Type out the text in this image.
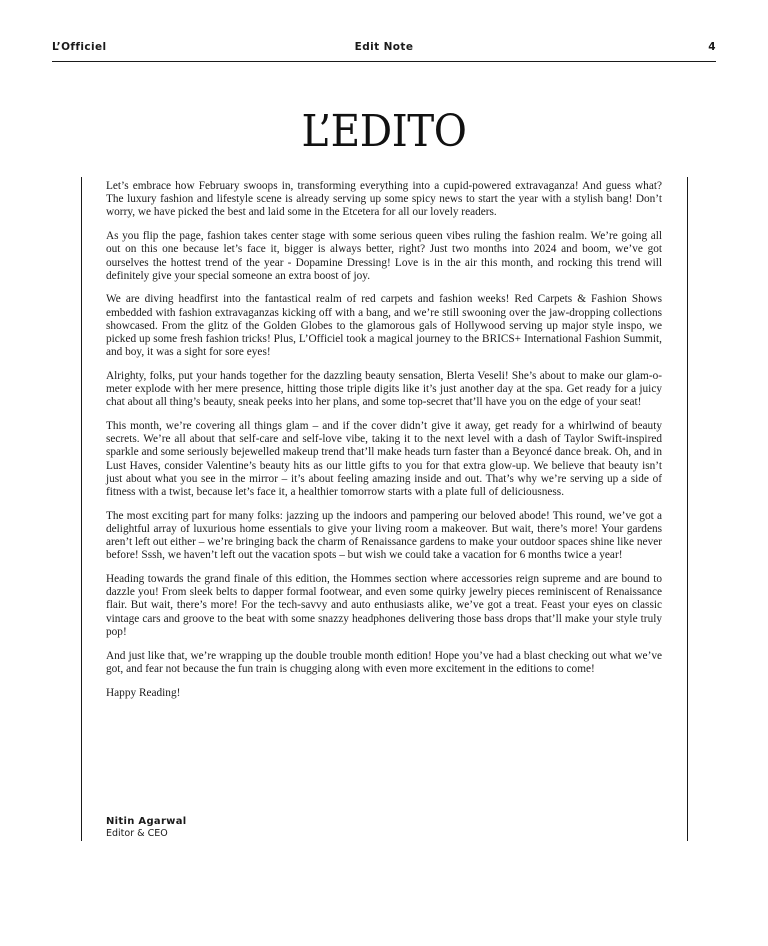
L’Officiel	Edit Note	4
L’EDITO

Let’s embrace how February swoops in, transforming everything into a cupid-powered extravaganza! And guess what? The luxury fashion and lifestyle scene is already serving up some spicy news to start the year with a stylish bang! Don’t worry, we have picked the best and laid some in the Etcetera for all our lovely readers.

As you flip the page, fashion takes center stage with some serious queen vibes ruling the fashion realm. We’re going all out on this one because let’s face it, bigger is always better, right? Just two months into 2024 and boom, we’ve got ourselves the hottest trend of the year - Dopamine Dressing! Love is in the air this month, and rocking this trend will definitely give your special someone an extra boost of joy.

We are diving headfirst into the fantastical realm of red carpets and fashion weeks! Red Carpets & Fashion Shows embedded with fashion extravaganzas kicking off with a bang, and we’re still swooning over the jaw-dropping collections showcased. From the glitz of the Golden Globes to the glamorous gals of Hollywood serving up major style inspo, we picked up some fresh fashion tricks! Plus, L’Officiel took a magical journey to the BRICS+ International Fashion Summit, and boy, it was a sight for sore eyes!

Alrighty, folks, put your hands together for the dazzling beauty sensation, Blerta Veseli! She’s about to make our glam-o-meter explode with her mere presence, hitting those triple digits like it’s just another day at the spa. Get ready for a juicy chat about all thing’s beauty, sneak peeks into her plans, and some top-secret that’ll have you on the edge of your seat!

This month, we’re covering all things glam – and if the cover didn’t give it away, get ready for a whirlwind of beauty secrets. We’re all about that self-care and self-love vibe, taking it to the next level with a dash of Taylor Swift-inspired sparkle and some seriously bejewelled makeup trend that’ll make heads turn faster than a Beyoncé dance break. Oh, and in Lust Haves, consider Valentine’s beauty hits as our little gifts to you for that extra glow-up. We believe that beauty isn’t just about what you see in the mirror – it’s about feeling amazing inside and out. That’s why we’re serving up a side of fitness with a twist, because let’s face it, a healthier tomorrow starts with a plate full of deliciousness.

The most exciting part for many folks: jazzing up the indoors and pampering our beloved abode! This round, we’ve got a delightful array of luxurious home essentials to give your living room a makeover. But wait, there’s more! Your gardens aren’t left out either – we’re bringing back the charm of Renaissance gardens to make your outdoor spaces shine like never before! Sssh, we haven’t left out the vacation spots – but wish we could take a vacation for 6 months twice a year!

Heading towards the grand finale of this edition, the Hommes section where accessories reign supreme and are bound to dazzle you! From sleek belts to dapper formal footwear, and even some quirky jewelry pieces reminiscent of Renaissance flair. But wait, there’s more! For the tech-savvy and auto enthusiasts alike, we’ve got a treat. Feast your eyes on classic vintage cars and groove to the beat with some snazzy headphones delivering those bass drops that’ll make your style truly pop!

And just like that, we’re wrapping up the double trouble month edition! Hope you’ve had a blast checking out what we’ve got, and fear not because the fun train is chugging along with even more excitement in the editions to come!

Happy Reading!

Nitin Agarwal
Editor & CEO
